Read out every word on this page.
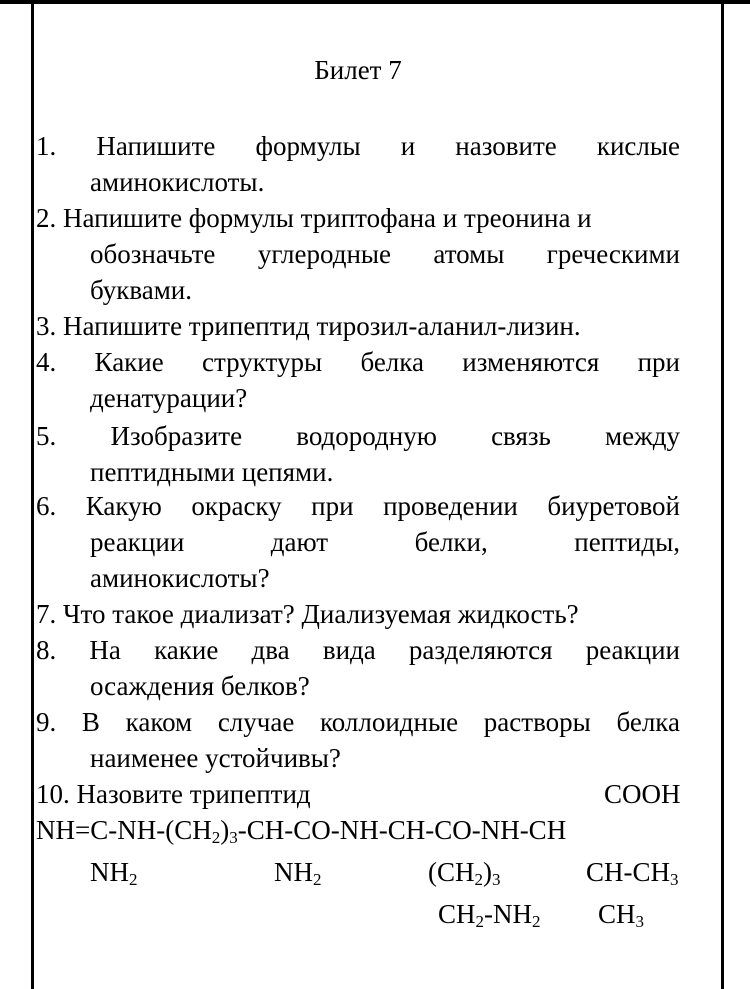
Билет 7
1. Напишите формулы и назовите кислые
аминокислоты.
2. Напишите формулы триптофана и треонина и
обозначьте углеродные атомы греческими
буквами.
3. Напишите трипептид тирозил-аланил-лизин.
4. Какие структуры белка изменяются при
денатурации?
5. Изобразите водородную связь между
пептидными цепями.
6. Какую окраску при проведении биуретовой
реакции дают белки, пептиды,
аминокислоты?
7. Что такое диализат? Диализуемая жидкость?
8. На какие два вида разделяются реакции
осаждения белков?
9. В каком случае коллоидные растворы белка
наименее устойчивы?
10. Назовите трипептид	COOH
$NH=C-NH-(CH_2)_3-CH-CO-NH-CH-CO-NH-CH$
$NH_2$	$NH_2$	$(CH_2)_3$	$CH-CH_3$
$CH_2-NH_2$ $CH_3$
